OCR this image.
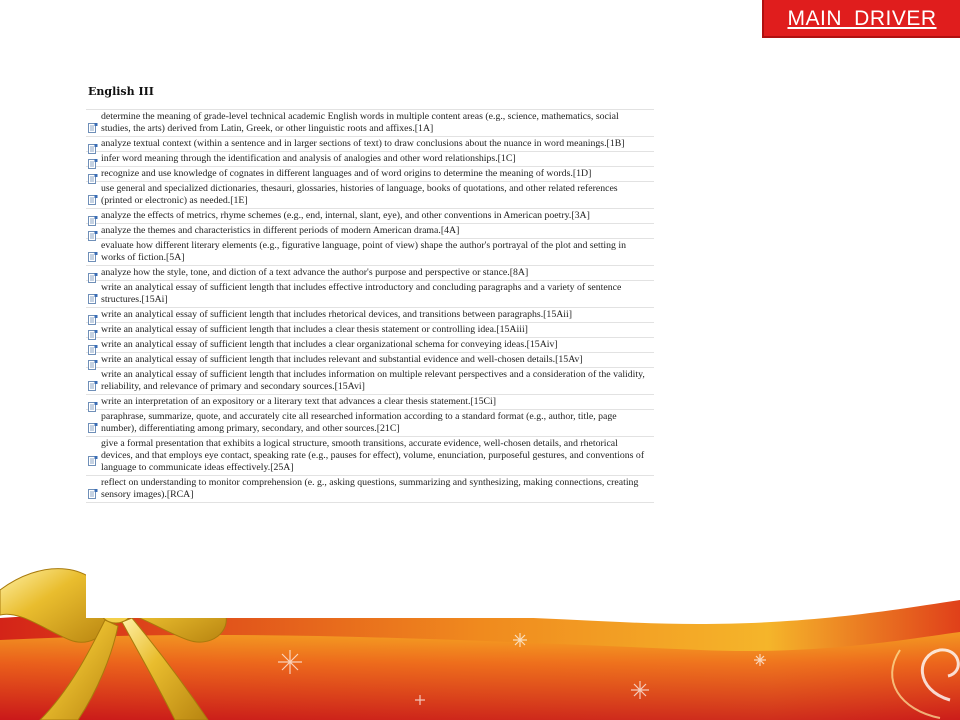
MAIN_DRIVER
English III
determine the meaning of grade-level technical academic English words in multiple content areas (e.g., science, mathematics, social studies, the arts) derived from Latin, Greek, or other linguistic roots and affixes.[1A]
analyze textual context (within a sentence and in larger sections of text) to draw conclusions about the nuance in word meanings.[1B]
infer word meaning through the identification and analysis of analogies and other word relationships.[1C]
recognize and use knowledge of cognates in different languages and of word origins to determine the meaning of words.[1D]
use general and specialized dictionaries, thesauri, glossaries, histories of language, books of quotations, and other related references (printed or electronic) as needed.[1E]
analyze the effects of metrics, rhyme schemes (e.g., end, internal, slant, eye), and other conventions in American poetry.[3A]
analyze the themes and characteristics in different periods of modern American drama.[4A]
evaluate how different literary elements (e.g., figurative language, point of view) shape the author's portrayal of the plot and setting in works of fiction.[5A]
analyze how the style, tone, and diction of a text advance the author's purpose and perspective or stance.[8A]
write an analytical essay of sufficient length that includes effective introductory and concluding paragraphs and a variety of sentence structures.[15Ai]
write an analytical essay of sufficient length that includes rhetorical devices, and transitions between paragraphs.[15Aii]
write an analytical essay of sufficient length that includes a clear thesis statement or controlling idea.[15Aiii]
write an analytical essay of sufficient length that includes a clear organizational schema for conveying ideas.[15Aiv]
write an analytical essay of sufficient length that includes relevant and substantial evidence and well-chosen details.[15Av]
write an analytical essay of sufficient length that includes information on multiple relevant perspectives and a consideration of the validity, reliability, and relevance of primary and secondary sources.[15Avi]
write an interpretation of an expository or a literary text that advances a clear thesis statement.[15Ci]
paraphrase, summarize, quote, and accurately cite all researched information according to a standard format (e.g., author, title, page number), differentiating among primary, secondary, and other sources.[21C]
give a formal presentation that exhibits a logical structure, smooth transitions, accurate evidence, well-chosen details, and rhetorical devices, and that employs eye contact, speaking rate (e.g., pauses for effect), volume, enunciation, purposeful gestures, and conventions of language to communicate ideas effectively.[25A]
reflect on understanding to monitor comprehension (e. g., asking questions, summarizing and synthesizing, making connections, creating sensory images).[RCA]
